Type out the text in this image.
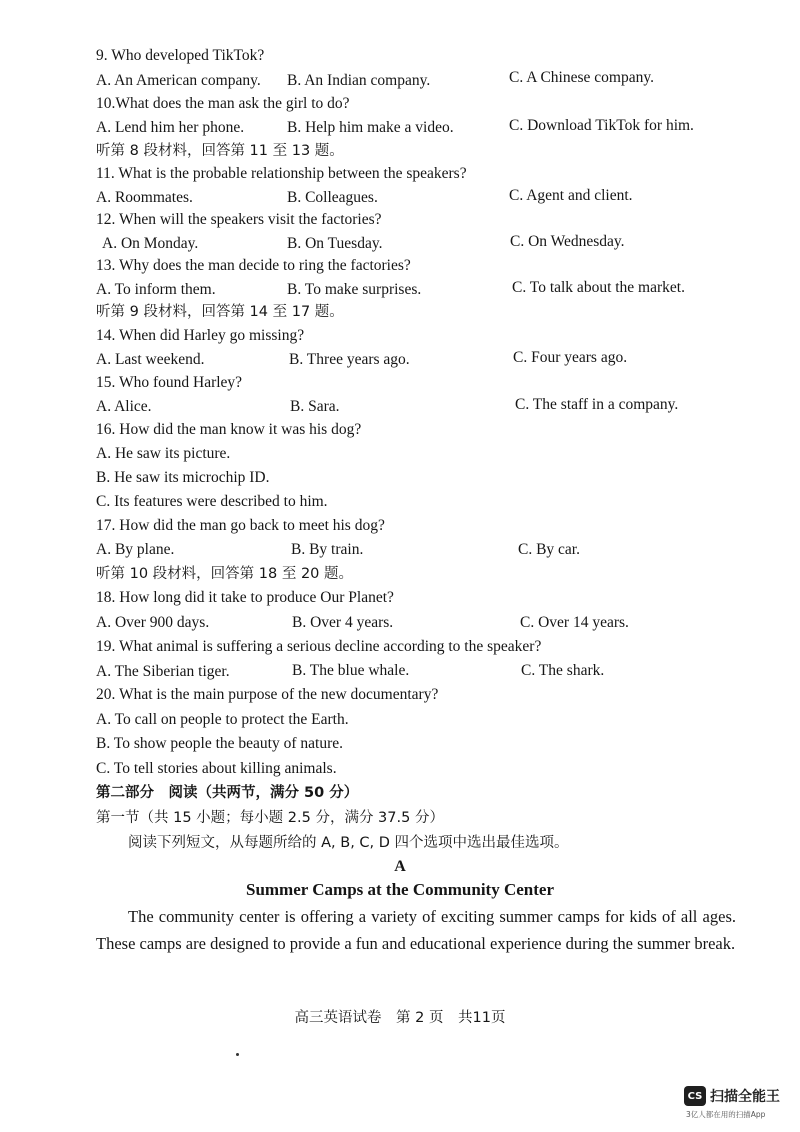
9. Who developed TikTok?
A. An American company. B. An Indian company.	C. A Chinese company.
10.What does the man ask the girl to do?
A. Lend him her phone.	B. Help him make a video.	C. Download TikTok for him.
听第 8 段材料，回答第 11 至 13 题。
11. What is the probable relationship between the speakers?
A. Roommates.	B. Colleagues.	C. Agent and client.
12. When will the speakers visit the factories?
A. On Monday.	B. On Tuesday.	C. On Wednesday.
13. Why does the man decide to ring the factories?
A. To inform them.	B. To make surprises.	C. To talk about the market.
听第 9 段材料，回答第 14 至 17 题。
14. When did Harley go missing?
A. Last weekend.	B. Three years ago.	C. Four years ago.
15. Who found Harley?
A. Alice.	B. Sara.	C. The staff in a company.
16. How did the man know it was his dog?
A. He saw its picture.
B. He saw its microchip ID.
C. Its features were described to him.
17. How did the man go back to meet his dog?
A. By plane.	B. By train.	C. By car.
听第 10 段材料，回答第 18 至 20 题。
18. How long did it take to produce Our Planet?
A. Over 900 days.	B. Over 4 years.	C. Over 14 years.
19. What animal is suffering a serious decline according to the speaker?
A. The Siberian tiger.	B. The blue whale.	C. The shark.
20. What is the main purpose of the new documentary?
A. To call on people to protect the Earth.
B. To show people the beauty of nature.
C. To tell stories about killing animals.
第二部分　阅读（共两节，满分 50 分）
第一节（共 15 小题；每小题 2.5 分，满分 37.5 分）
阅读下列短文，从每题所给的 A, B, C, D 四个选项中选出最佳选项。
A
Summer Camps at the Community Center
The community center is offering a variety of exciting summer camps for kids of all ages. These camps are designed to provide a fun and educational experience during the summer break.
高三英语试卷　第 2 页　共11页
CS 扫描全能王
3亿人都在用的扫描App
